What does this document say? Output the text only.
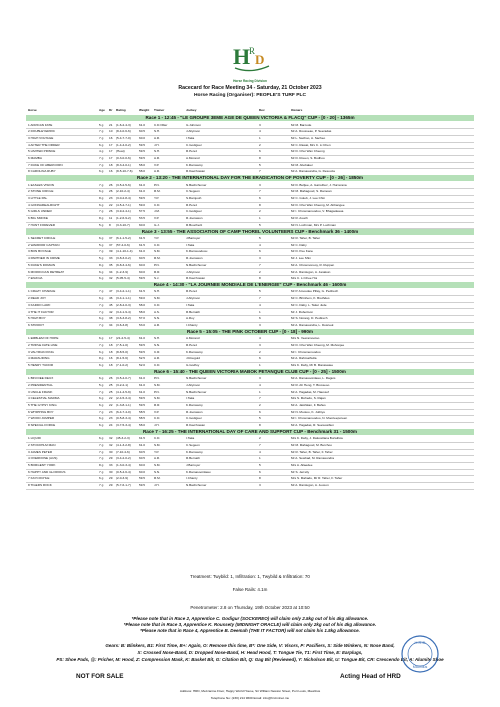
H
R
D
Horse Racing Division
Racecard for Race Meeting 34 - Saturday, 21 October 2023
Horse Racing (Organiser): PEOPLE'S TURF PLC
Horse	Age Dr Rating	Weight Trainer	Jockey	Dec	Owners
Race 1 - 12:45 - "LE GROUPE 3EME AGE DE QUEEN VICTORIA & FLACQ" CUP - [0 - 20] - 1365m
1 AFRICAN FATE	5 g	21	(1-6-2-4-3)	61.0	C.D.Ollier	G.Johnson	3	Mr M. Barcode
2 DOUBLEYERRIC	7 g	10	(8-4-0-6-6)	60.5	S.H.	J.Allynson	4	Mr A. Rousseau, P. Seeradas
3 HIGH VOLTAGE	7 g	16	(5-4-7-7-0)	60.0	A.R.	I.Taka	1	Mr L. Sachoo, A. Sacheo
4 AFTER THE ORDER	6 g	17	(1-4-4-0-2)	59.5	J.H.	C.Godiguer	2	Mr C. Rawat, Mrs C. Li Chen
5 LIMITED PRINCE	4 g	17	(Heat)	59.5	S.H.	R.Perez	6	Mr D. Chui Wan Cheong
6 MAMBA	7 g	17	(0-3-0-0-6)	59.5	A.R.	A.Morand	8	Mr D. Rouen, S. Budhoo
7 DUKE OF ABERCORN	7 g	18	(8-3-4-0-1)	58.0	V.P.	K.Ramsamy	5	Mr M. Abobaker
8 CAROLINA RUBY	6 g	16	(8-5-10-7-6)	58.0	A.R.	R.Kavchowan	7	Mr A. Ramasundra, G. Desouza
Race 2 - 13:20 - THE INTERNATIONAL DAY FOR THE ERADICATION OF POVERTY CUP - [0 - 26] - 1850m
1 EASLES VISION	7 g	26	(3-5-2-5-6)	61.0	P.N.	N.Bachchumer	3	Mr D. Bulljee, A. Garrelbuz, J. Hurrerana
2 STONE CIRCLE	6 g	26	(2-10-2-4)	61.0	R.M.	C.Segeon	7	Mr M. Mahagood, S. Ramoan
3 LITTLE PAL	8 g	23	(3-0-2-8-4)	59.5	Y.P.	S.Ramjouh	6	Mr C. Goleb, J. Lee Chin
4 GONNAREALRIGHT	6 g	22	(4-5-4-7-1)	59.0	C.D.	R.Perez	8	Mr D. Chui Wan Cheong, M. Abhangee
5 GIRLS UNDER	7 g	26	(3-9-2-4-1)	57.5	J.M.	C.Godiguer	2	Mr I. Chowmanooduu, V. Bhagadeaua
6 BIG SMOKE	8 g	11	(1-2-6-9-2)	53.5	V.P.	R.Joorawon	1	Mr R. Asuch
7 HUNT FOREVER	5 g	8	(3-3-10-7)	60.0	G.J.	R.Boucherit	5	Mr N. Luchman, Mrs P. Luchman
Race 3 - 13:55 - THE ASSOCIATION OF CAMP THOREL VOLUNTEERS CUP - Benchmark 36 - 1400m
1 SECRET CIRCLE	6 g	37	(6-1-1-5-2)	61.5	Y.P.	J.Barroyer	5	Mr R. Taher, B. Taher
2 WARRIOR CAPTAIN	5 g	37	(57-4-0-6)	61.5	C.D.	I.Taka	4	Mr C. Daby
3 BON BOYAGE	7 g	39	(4-1-10-1-4)	61.0	S.M.	K.Ramsoodoou	6	Mr D. Pee Kane
4 PARTNER IN CRIME	5 g	33	(3-8-3-0-2)	60.5	R.M.	R.Joorawon	3	Mr J. Lee Shin
5 DUKE'S DOMAIN	8 g	35	(9-8-3-4-6)	60.0	P.N.	N.Bachchumer	7	Mr A. Chowmonooy, R. Ruppen
6 MOROCCAN RETREAT	6 g	34	(1-2-3-9)	60.0	R.R.	J.Allynson	2	Mr A. Ramtugon, A. Janakun
7 ENJOJA	6 g	32	(5-05-5-4)	59.5	S.J.	R.Kavchowan	8	Mrs C. Li Chee Hoi
Race 4 - 14:30 - "LA JOURNEE MONDIALE DE L'ENERGIE" CUP - Benchmark 46 - 1600m
1 CRAZY CHARLIE	7 g	47	(3-4-2-1-1)	61.5	S.H.	R.Perez	5	Mr P. Amoodee Pillay, G. Pedtrech
2 READ JOY	6 g	46	(3-4-1-1-1)	59.0	S.M.	J.Allynson	7	Mr C. Bhinhem, K. Brethdes
3 KADDO LARF	7 g	45	(2-8-4-0-3)	58.0	C.D.	I.Taka	4	Mr C. Daby, L. Tatier Jude
4 THE IT FACTOR	7 g	42	(3-4-1-9-4)	58.0	A.S.	R.Bernath	1	Mr J. Robertson
5 HIGH BOY	6 g	38	(3-6-3-8-2)	57.0	S.N.	A.Roy	6	Mr S. Norang, D. Pedtrech
6 STROKIT	7 g	34	(3-6-3-8)	53.0	A.R.	I.Chanty	3	Mr A. Ramasundra, L. Dosruek
Race 5 - 15:05 - THE PINK OCTOBER CUP - [0 - 18] - 990m
1 EMBLEM OF HOPE	6 g	17	(21-2-5-4)	61.0	S.H.	A.Morand	4	Mrs N. Veeramootoo
2 TRIPLE FATE LINE	7 g	18	(7-5-1-0)	59.5	S.N.	R.Perez	3	Mr D. Chui Wan Cheong, M. Mohonjee
3 VALYRIAN KING	6 g	18	(8-8-5-0)	59.5	C.R.	K.Ramsamy	2	Mr I. Chowmenoodoo
4 MARAUDING	8 g	16	(8-1-5-6)	52.5	A.R.	J.Rouguid	6	Mr A. Rahmathulla
5 HENRY TUDOR	6 g	18	(7-1-0-2)	52.0	C.D.	G.Godfoy	1	Mrs K. Daby, Mr B. Manavatee
Race 6 - 15:40 - THE QUEEN VICTORIA MABOK PETANQUE CLUB CUP - [0 - 25] - 1500m
1 BINI DEE DEUX	6 g	26	(3-5-4-0-7)	61.0	P.N.	N.Bachchumer	3	Mr A. Ramasooinlaau, L. Raguis
2 PRESIDENTIAL	5 g	25	(3-2-2-1)	61.0	S.M.	J.Allynson	4	Mr R. Ah Heng, T. Brosseoo
3 UNCLE FRANK	7 g	25	(4-1-4-5-9)	61.0	P.N.	N.Bachchumer	1	Mr A. Hagadas, M. Haussof
4 CELESTIAL MADMA	6 g	22	(2-4-5-3-4)	59.5	S.M.	I.Taka	7	Mrs S. Mohedu, S. Rajan
5 THE GYPSY KING	6 g	22	(1-3-8-1-1)	59.5	R.R.	K.Ramsamy	2	Mr A. Jaishikan, F. Bahus
6 WHIPPING BOY	7 g	23	(6-4-7-4-0)	58.5	V.P.	R.Joorawon	6	Mr N. Mootoo, K. Juthiye
7 WOOD JUMPER	6 g	23	(0-5-8-3-4)	58.5	C.D.	C.Godiguer	5	Mr I. Chowmanoodoo, N. Moorteeporeen
8 SPECIAL FORCE	6 g	24	(3-7-5-3-4)	58.0	J.H.	R.Kavchowan	8	Mr A. Hagadas, R. Seewosibun
Race 7 - 16:25 - THE INTERNATIONAL DAY OF CARE AND SUPPORT CUP - Benchmark 31 - 1500m
1 LIQUID	6 g	32	(45-3-2-3)	61.5	C.D.	I.Taka	2	Mrs K. Daby, J. Dalucellana Burwillow
2 STOCKHLM MAN	7 g	32	(4-1-3-2-8)	61.0	S.M.	C.Segeon	7	Mr M. Mahagood, M. Burchoo
3 JAMES PETER	7 g	30	(7-10-4-6)	60.5	Y.P.	K.Ramsamy	4	Mr R. Taher, B. Taher, F. Taher
4 OVERDOSE (AUS)	7 g	29	(3-4-2-0-2)	60.5	A.R.	R.Bernath	1	Mr A. Sewbad, M. Ramasundra
5 BORGENT YORK	8 g	33	(1-3-0-3-4)	60.0	S.M.	J.Barroyer	5	Mrs A. Allaedee
6 HAPPY AND GLORIOUS	7 g	30	(0-5-4-6-4)	60.0	S.N.	K.Ramasooinlaau	6	Mr S. Jerreliy
7 KAYCOCHLE	6 g	29	(2-0-3-9)	59.5	R.M.	I.Chanty	8	Mrs S. Mahadu, Mr R. Taher, F. Taher
8 TIGERS ROCK	7 g	29	(5-7-6-1-7)	59.5	J.H.	N.Bachchumer	3	Mr A. Ramtugon, A. Jeuxon
Treatment: Twybild: 1, Infiltration: 1, Twybild & Infiltration: 70
False Rails: 4.1m
Penetrometer: 2.8 on Thursday, 19th October 2023 at 10:50
*Please note that in Race 2, Apprentice C. Godigur (SOCKEREO) will claim only 2.5kg out of his 4kg allowance.
*Please note that in Race 3, Apprentice K. Roussety (MIDNIGHT ORACLE) will claim only 2kg out of his 4kg allowance.
*Please note that in Race 4, Apprentice B. Deemah (THE IT FACTOR) will not claim his 1.5kg allowance.
Gears: B: Blinkers, B1: First Time, B+: Again, O: Remove this time, B*: One Side, V: Visors, P: Pacifiers, S: Side Winkers, N: Nose Band,
X: Crossed Nose-Band, D: Dropped Nose-Band, H: Head Hood, T: Tongue Tie, T1: First Time, E: Earplugs,
PS: Shoe Pads, @: Pricher, M: Hood, Z: Compression Mask, K: Basket Bit, G: Citation Bit, Q: Gag Bit (Reviewed), Y: Nicholson Bit, U: Tongue Bit, CR: Crescendo Bit, A: Alumite Shoe
NOT FOR SALE	Acting Head of HRD
H.R.D
Mauritius
Address: HRD, Mezzanine Floor, Happy World House, Sir William Newton Street, Port Louis, Mauritius
Telephone No: (230) 214 9600 Email: info@hrd.intnet.mu
